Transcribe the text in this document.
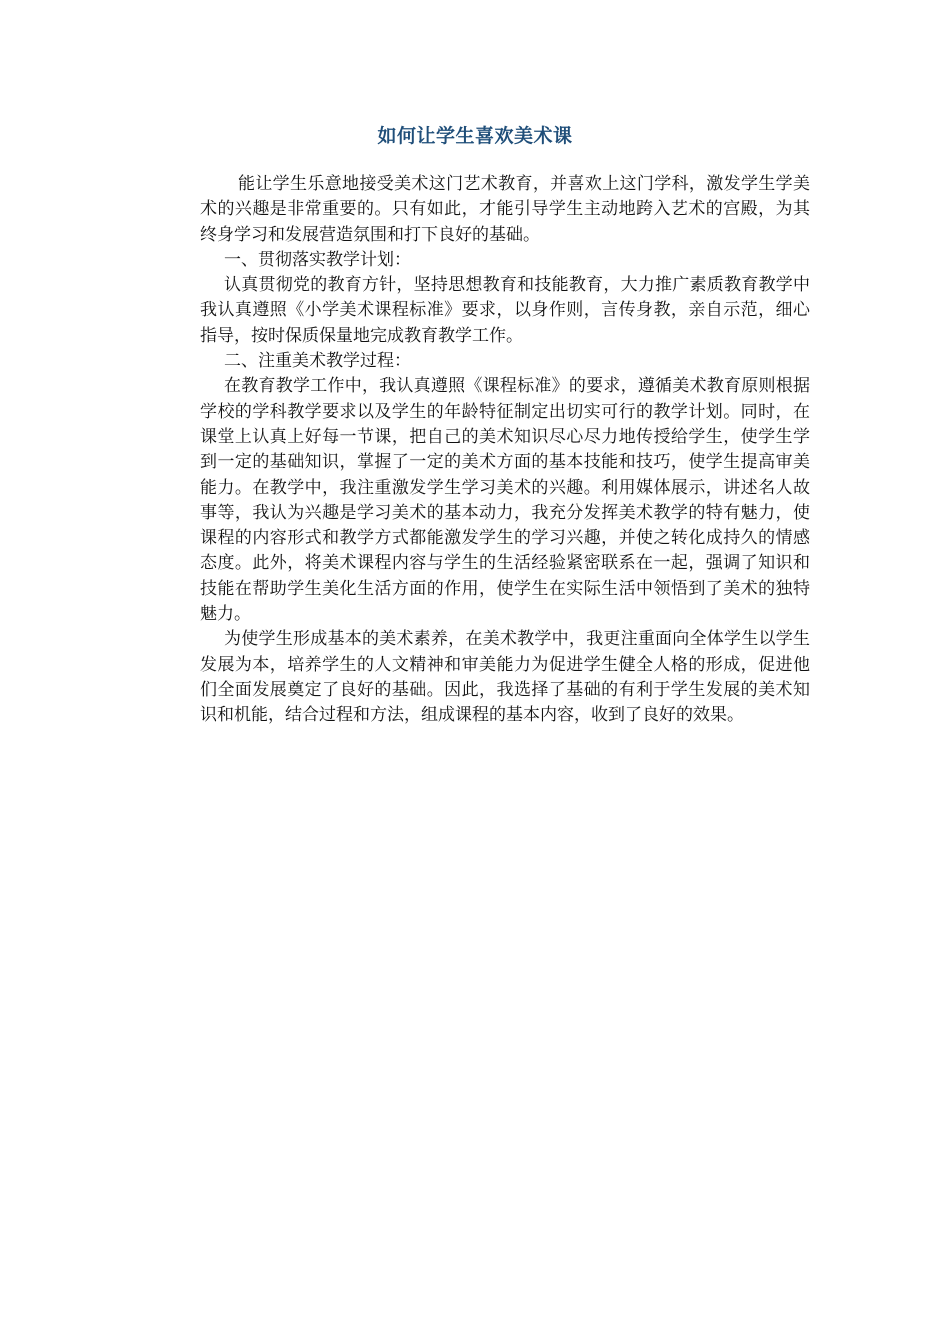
如何让学生喜欢美术课

能让学生乐意地接受美术这门艺术教育，并喜欢上这门学科，激发学生学美术的兴趣是非常重要的。只有如此，才能引导学生主动地跨入艺术的宫殿，为其终身学习和发展营造氛围和打下良好的基础。

一、贯彻落实教学计划：

认真贯彻党的教育方针，坚持思想教育和技能教育，大力推广素质教育教学中我认真遵照《小学美术课程标准》要求，以身作则，言传身教，亲自示范，细心指导，按时保质保量地完成教育教学工作。

二、注重美术教学过程：

在教育教学工作中，我认真遵照《课程标准》的要求，遵循美术教育原则根据学校的学科教学要求以及学生的年龄特征制定出切实可行的教学计划。同时，在课堂上认真上好每一节课，把自己的美术知识尽心尽力地传授给学生，使学生学到一定的基础知识，掌握了一定的美术方面的基本技能和技巧，使学生提高审美能力。在教学中，我注重激发学生学习美术的兴趣。利用媒体展示，讲述名人故事等，我认为兴趣是学习美术的基本动力，我充分发挥美术教学的特有魅力，使课程的内容形式和教学方式都能激发学生的学习兴趣，并使之转化成持久的情感态度。此外，将美术课程内容与学生的生活经验紧密联系在一起，强调了知识和技能在帮助学生美化生活方面的作用，使学生在实际生活中领悟到了美术的独特魅力。

为使学生形成基本的美术素养，在美术教学中，我更注重面向全体学生以学生发展为本，培养学生的人文精神和审美能力为促进学生健全人格的形成，促进他们全面发展奠定了良好的基础。因此，我选择了基础的有利于学生发展的美术知识和机能，结合过程和方法，组成课程的基本内容，收到了良好的效果。
